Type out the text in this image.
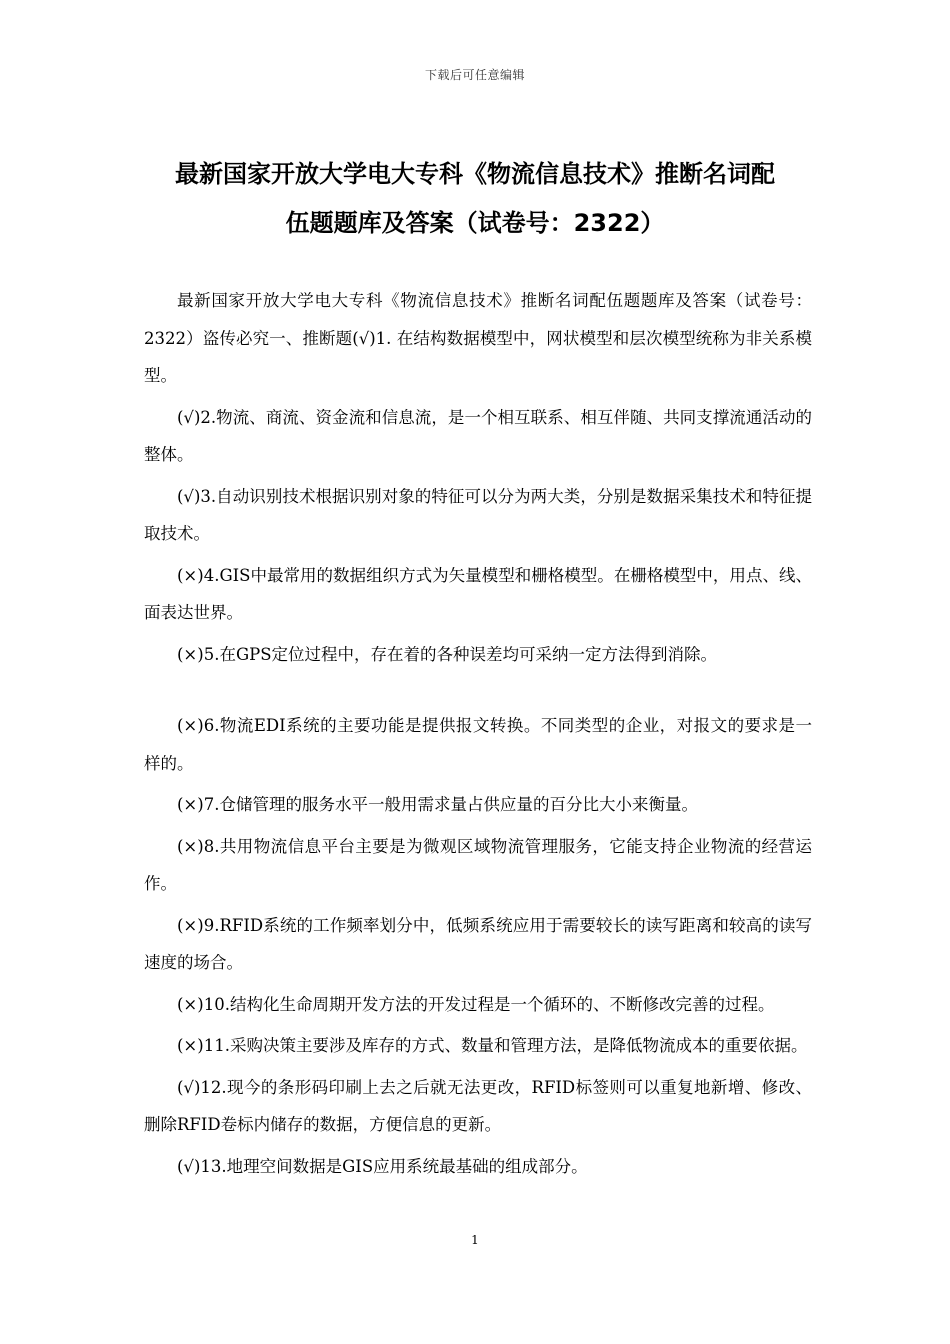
下载后可任意编辑
最新国家开放大学电大专科《物流信息技术》推断名词配
伍题题库及答案（试卷号：2322）

最新国家开放大学电大专科《物流信息技术》推断名词配伍题题库及答案（试卷号：2322）盗传必究一、推断题(√)1. 在结构数据模型中，网状模型和层次模型统称为非关系模型。

(√)2.物流、商流、资金流和信息流，是一个相互联系、相互伴随、共同支撑流通活动的整体。

(√)3.自动识别技术根据识别对象的特征可以分为两大类，分别是数据采集技术和特征提取技术。

(×)4.GIS中最常用的数据组织方式为矢量模型和栅格模型。在栅格模型中，用点、线、面表达世界。

(×)5.在GPS定位过程中，存在着的各种误差均可采纳一定方法得到消除。

(×)6.物流EDI系统的主要功能是提供报文转换。不同类型的企业，对报文的要求是一样的。

(×)7.仓储管理的服务水平一般用需求量占供应量的百分比大小来衡量。

(×)8.共用物流信息平台主要是为微观区域物流管理服务，它能支持企业物流的经营运作。

(×)9.RFID系统的工作频率划分中，低频系统应用于需要较长的读写距离和较高的读写速度的场合。

(×)10.结构化生命周期开发方法的开发过程是一个循环的、不断修改完善的过程。

(×)11.采购决策主要涉及库存的方式、数量和管理方法，是降低物流成本的重要依据。

(√)12.现今的条形码印刷上去之后就无法更改，RFID标签则可以重复地新增、修改、删除RFID卷标内储存的数据，方便信息的更新。

(√)13.地理空间数据是GIS应用系统最基础的组成部分。

1
